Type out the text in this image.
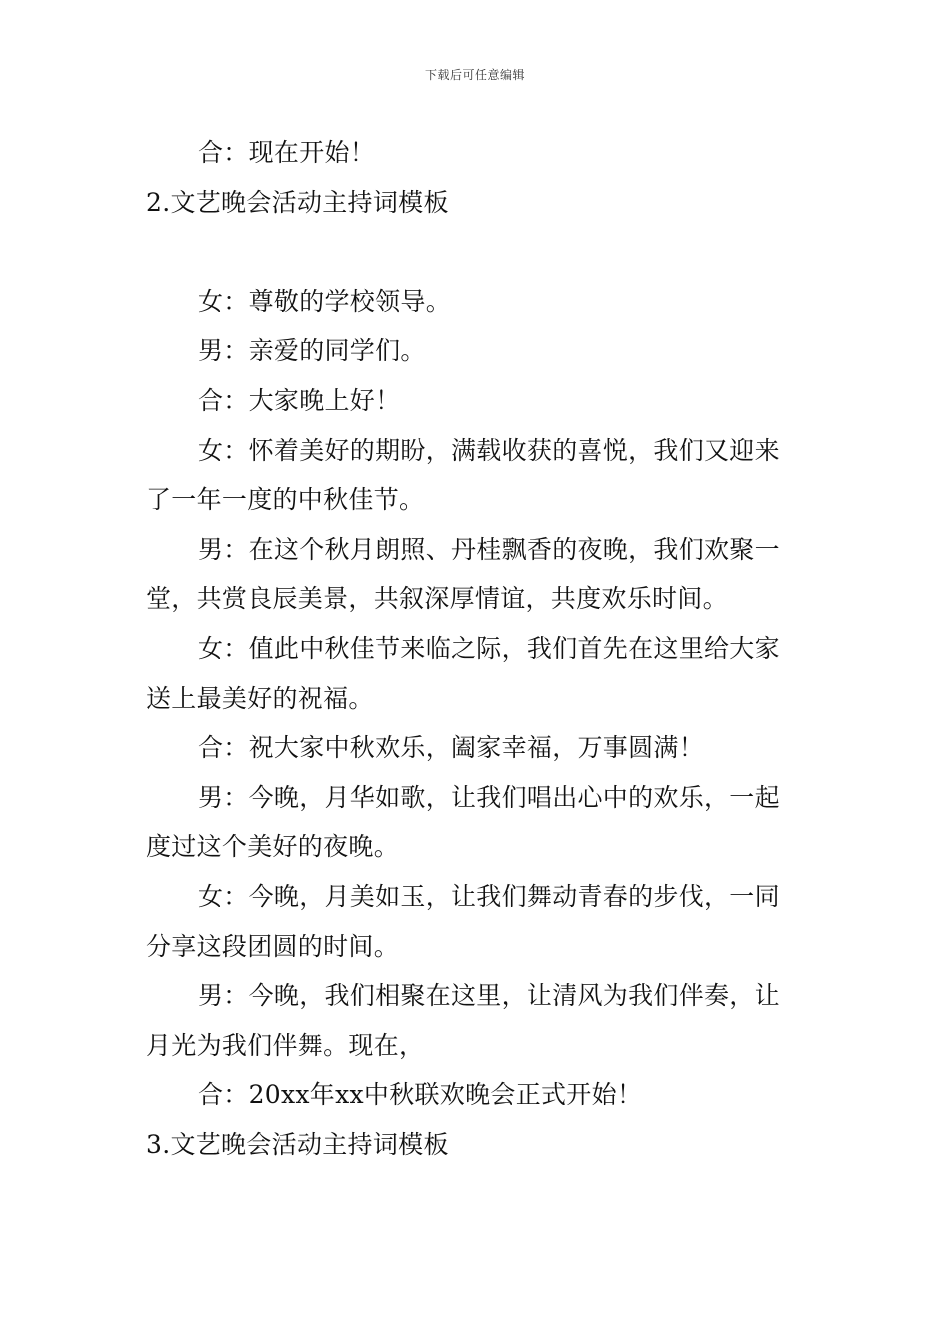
下载后可任意编辑
合：现在开始！
2.文艺晚会活动主持词模板
女：尊敬的学校领导。
男：亲爱的同学们。
合：大家晚上好！
女：怀着美好的期盼，满载收获的喜悦，我们又迎来
了一年一度的中秋佳节。
男：在这个秋月朗照、丹桂飘香的夜晚，我们欢聚一
堂，共赏良辰美景，共叙深厚情谊，共度欢乐时间。
女：值此中秋佳节来临之际，我们首先在这里给大家
送上最美好的祝福。
合：祝大家中秋欢乐，阖家幸福，万事圆满！
男：今晚，月华如歌，让我们唱出心中的欢乐，一起
度过这个美好的夜晚。
女：今晚，月美如玉，让我们舞动青春的步伐，一同
分享这段团圆的时间。
男：今晚，我们相聚在这里，让清风为我们伴奏，让
月光为我们伴舞。现在，
合：20xx年xx中秋联欢晚会正式开始！
3.文艺晚会活动主持词模板
